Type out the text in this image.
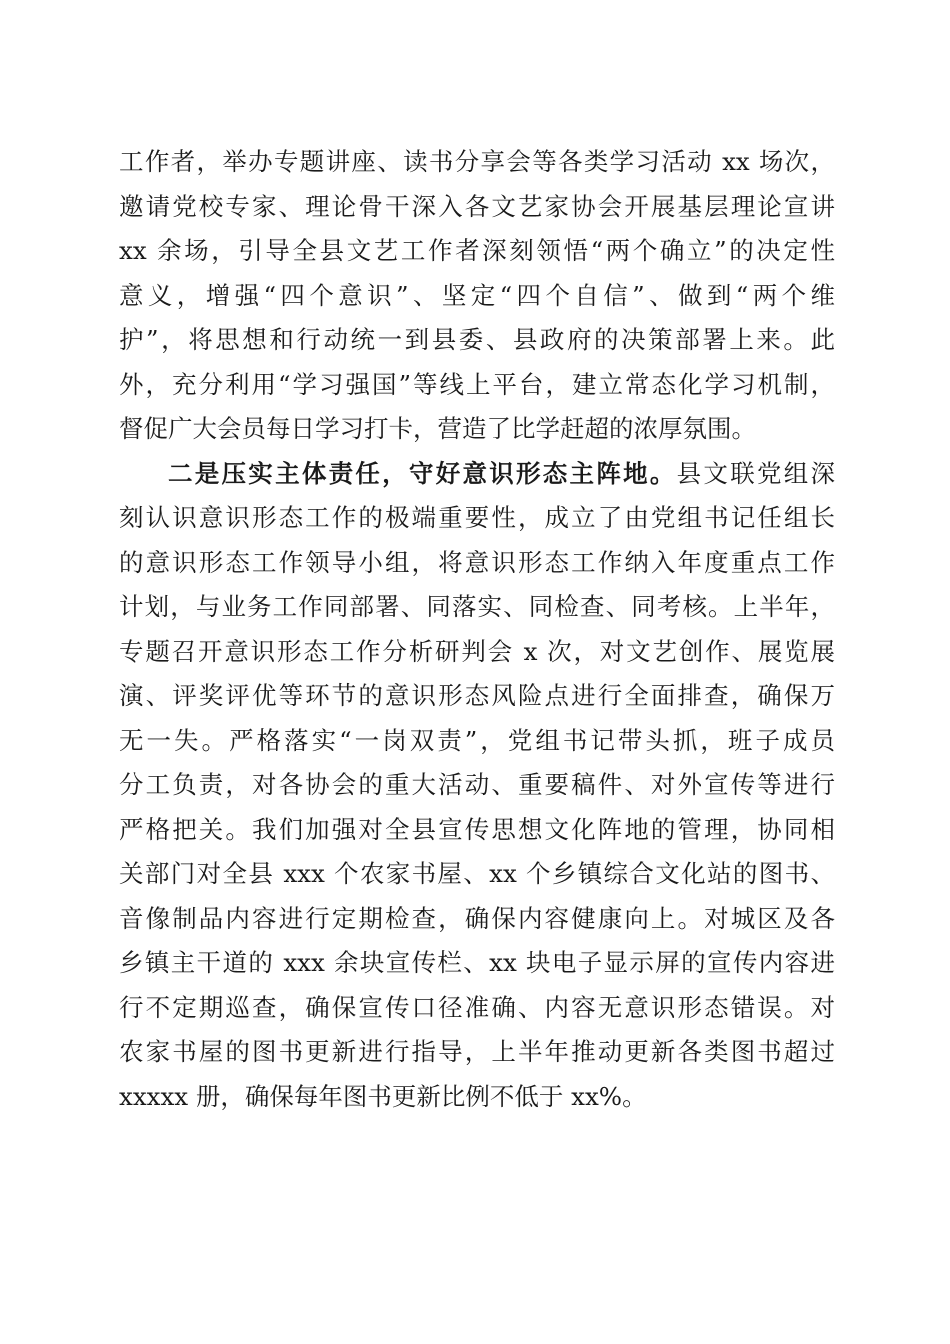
工作者，举办专题讲座、读书分享会等各类学习活动 xx 场次，
邀请党校专家、理论骨干深入各文艺家协会开展基层理论宣讲
xx 余场，引导全县文艺工作者深刻领悟“两个确立”的决定性
意义，增强“四个意识”、坚定“四个自信”、做到“两个维
护”，将思想和行动统一到县委、县政府的决策部署上来。此
外，充分利用“学习强国”等线上平台，建立常态化学习机制，
督促广大会员每日学习打卡，营造了比学赶超的浓厚氛围。
二是压实主体责任，守好意识形态主阵地。县文联党组深
刻认识意识形态工作的极端重要性，成立了由党组书记任组长
的意识形态工作领导小组，将意识形态工作纳入年度重点工作
计划，与业务工作同部署、同落实、同检查、同考核。上半年，
专题召开意识形态工作分析研判会 x 次，对文艺创作、展览展
演、评奖评优等环节的意识形态风险点进行全面排查，确保万
无一失。严格落实“一岗双责”，党组书记带头抓，班子成员
分工负责，对各协会的重大活动、重要稿件、对外宣传等进行
严格把关。我们加强对全县宣传思想文化阵地的管理，协同相
关部门对全县 xxx 个农家书屋、xx 个乡镇综合文化站的图书、
音像制品内容进行定期检查，确保内容健康向上。对城区及各
乡镇主干道的 xxx 余块宣传栏、xx 块电子显示屏的宣传内容进
行不定期巡查，确保宣传口径准确、内容无意识形态错误。对
农家书屋的图书更新进行指导，上半年推动更新各类图书超过
xxxxx 册，确保每年图书更新比例不低于 xx%。
